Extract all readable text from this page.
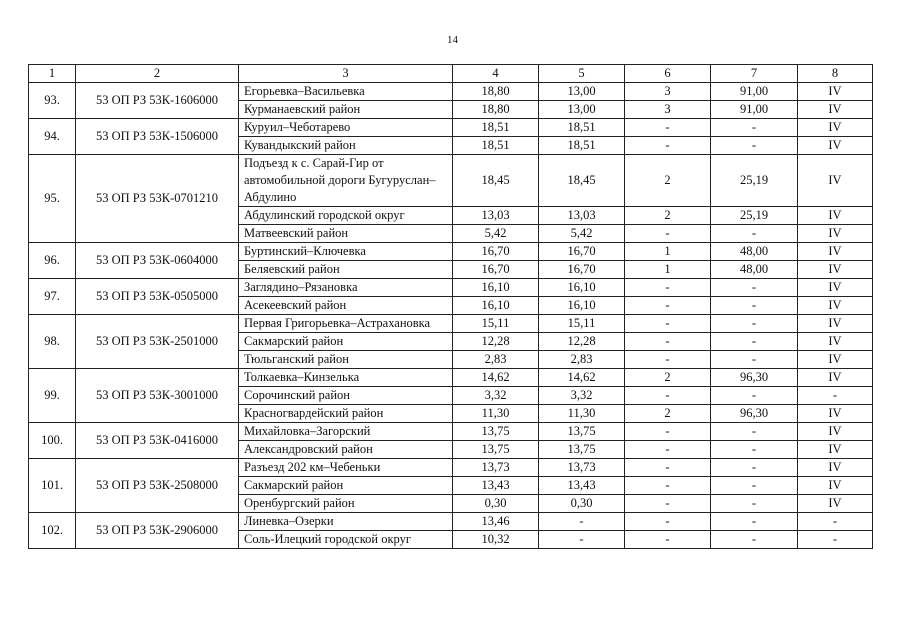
14
1	2	3	4	5	6	7	8
93.	53 ОП РЗ 53К-1606000	Егорьевка–Васильевка	18,80	13,00	3	91,00	IV
		Курманаевский район	18,80	13,00	3	91,00	IV
94.	53 ОП РЗ 53К-1506000	Куруил–Чеботарево	18,51	18,51	-	-	IV
		Кувандыкский район	18,51	18,51	-	-	IV
95.	53 ОП РЗ 53К-0701210	Подъезд к с. Сарай-Гир от автомобильной дороги Бугуруслан–Абдулино	18,45	18,45	2	25,19	IV
		Абдулинский городской округ	13,03	13,03	2	25,19	IV
		Матвеевский район	5,42	5,42	-	-	IV
96.	53 ОП РЗ 53К-0604000	Буртинский–Ключевка	16,70	16,70	1	48,00	IV
		Беляевский район	16,70	16,70	1	48,00	IV
97.	53 ОП РЗ 53К-0505000	Заглядино–Рязановка	16,10	16,10	-	-	IV
		Асекеевский район	16,10	16,10	-	-	IV
98.	53 ОП РЗ 53К-2501000	Первая Григорьевка–Астрахановка	15,11	15,11	-	-	IV
		Сакмарский район	12,28	12,28	-	-	IV
		Тюльганский район	2,83	2,83	-	-	IV
99.	53 ОП РЗ 53К-3001000	Толкаевка–Кинзелька	14,62	14,62	2	96,30	IV
		Сорочинский район	3,32	3,32	-	-	-
		Красногвардейский район	11,30	11,30	2	96,30	IV
100.	53 ОП РЗ 53К-0416000	Михайловка–Загорский	13,75	13,75	-	-	IV
		Александровский район	13,75	13,75	-	-	IV
101.	53 ОП РЗ 53К-2508000	Разъезд 202 км–Чебеньки	13,73	13,73	-	-	IV
		Сакмарский район	13,43	13,43	-	-	IV
		Оренбургский район	0,30	0,30	-	-	IV
102.	53 ОП РЗ 53К-2906000	Линевка–Озерки	13,46	-	-	-	-
		Соль-Илецкий городской округ	10,32	-	-	-	-
